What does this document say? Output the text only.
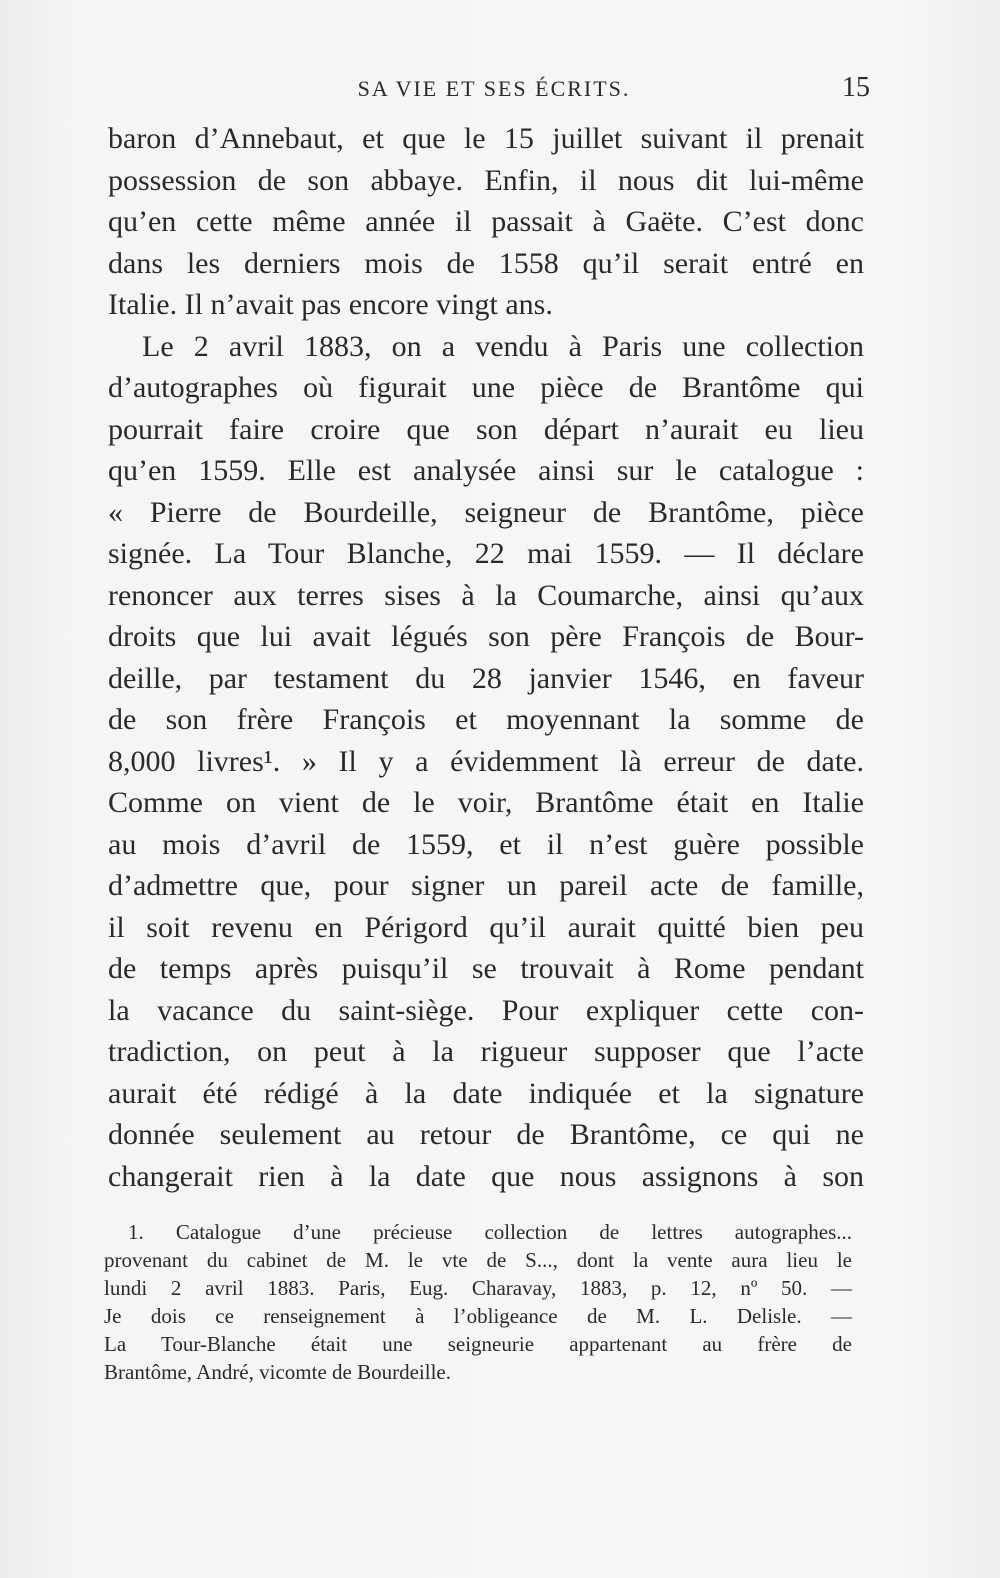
SA VIE ET SES ÉCRITS.	15
baron d’Annebaut, et que le 15 juillet suivant il prenait
possession de son abbaye. Enfin, il nous dit lui-même
qu’en cette même année il passait à Gaëte. C’est donc
dans les derniers mois de 1558 qu’il serait entré en
Italie. Il n’avait pas encore vingt ans.
Le 2 avril 1883, on a vendu à Paris une collection
d’autographes où figurait une pièce de Brantôme qui
pourrait faire croire que son départ n’aurait eu lieu
qu’en 1559. Elle est analysée ainsi sur le catalogue :
« Pierre de Bourdeille, seigneur de Brantôme, pièce
signée. La Tour Blanche, 22 mai 1559. — Il déclare
renoncer aux terres sises à la Coumarche, ainsi qu’aux
droits que lui avait légués son père François de Bour-
deille, par testament du 28 janvier 1546, en faveur
de son frère François et moyennant la somme de
8,000 livres¹. » Il y a évidemment là erreur de date.
Comme on vient de le voir, Brantôme était en Italie
au mois d’avril de 1559, et il n’est guère possible
d’admettre que, pour signer un pareil acte de famille,
il soit revenu en Périgord qu’il aurait quitté bien peu
de temps après puisqu’il se trouvait à Rome pendant
la vacance du saint-siège. Pour expliquer cette con-
tradiction, on peut à la rigueur supposer que l’acte
aurait été rédigé à la date indiquée et la signature
donnée seulement au retour de Brantôme, ce qui ne
changerait rien à la date que nous assignons à son
1. Catalogue d’une précieuse collection de lettres autographes...
provenant du cabinet de M. le vte de S..., dont la vente aura lieu le
lundi 2 avril 1883. Paris, Eug. Charavay, 1883, p. 12, nº 50. —
Je dois ce renseignement à l’obligeance de M. L. Delisle. —
La Tour-Blanche était une seigneurie appartenant au frère de
Brantôme, André, vicomte de Bourdeille.
